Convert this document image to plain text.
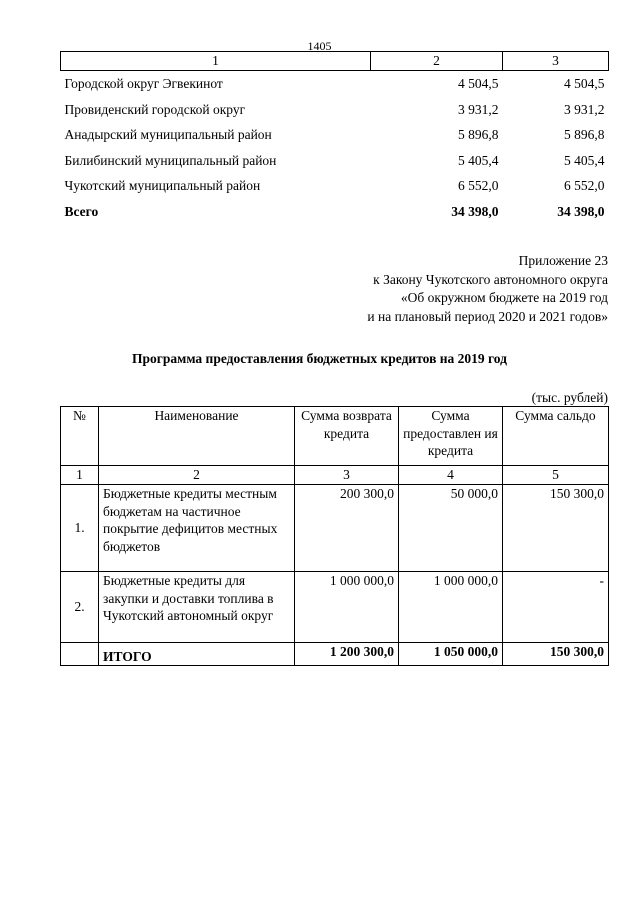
1405
1	2	3
Городской округ Эгвекинот	4 504,5	4 504,5
Провиденский городской округ	3 931,2	3 931,2
Анадырский муниципальный район	5 896,8	5 896,8
Билибинский муниципальный район	5 405,4	5 405,4
Чукотский муниципальный район	6 552,0	6 552,0
Всего	34 398,0	34 398,0
Приложение 23
к Закону Чукотского автономного округа
«Об окружном бюджете на 2019 год
и на плановый период 2020 и 2021 годов»
Программа предоставления бюджетных кредитов на 2019 год
(тыс. рублей)
№	Наименование	Сумма возврата кредита	Сумма предоставлен ия кредита	Сумма сальдо
1	2	3	4	5
1.	Бюджетные кредиты местным бюджетам на частичное покрытие дефицитов местных бюджетов	200 300,0	50 000,0	150 300,0
2.	Бюджетные кредиты для закупки и доставки топлива в Чукотский автономный округ	1 000 000,0	1 000 000,0	-
	ИТОГО	1 200 300,0	1 050 000,0	150 300,0
